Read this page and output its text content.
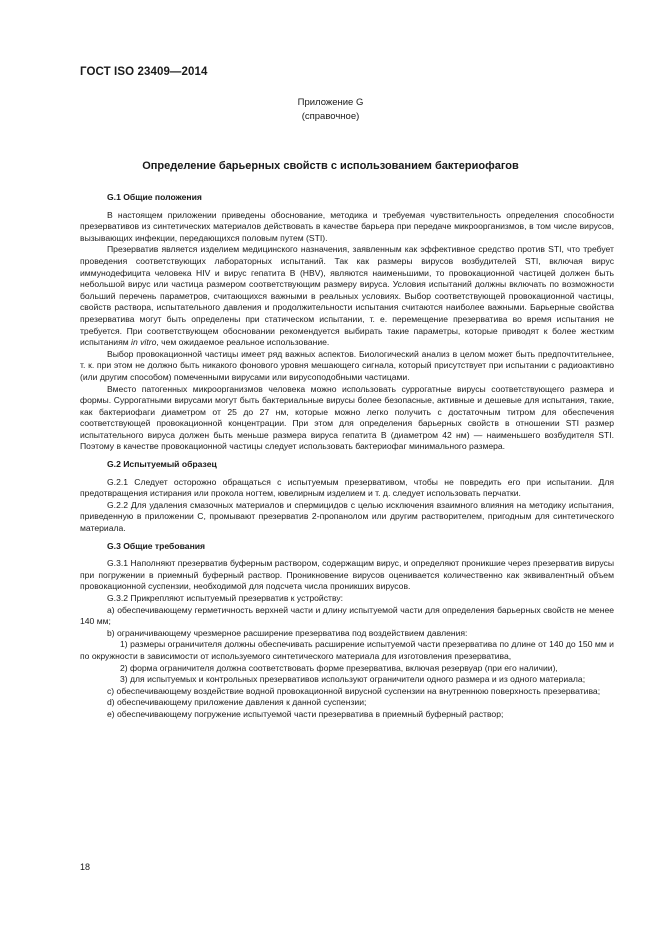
ГОСТ ISO 23409—2014
Приложение G
(справочное)
Определение барьерных свойств с использованием бактериофагов
G.1 Общие положения

В настоящем приложении приведены обоснование, методика и требуемая чувствительность определения способности презервативов из синтетических материалов действовать в качестве барьера при передаче микроорганизмов, в том числе вирусов, вызывающих инфекции, передающихся половым путем (STI).

Презерватив является изделием медицинского назначения, заявленным как эффективное средство против STI, что требует проведения соответствующих лабораторных испытаний. Так как размеры вирусов возбудителей STI, включая вирус иммунодефицита человека HIV и вирус гепатита B (HBV), являются наименьшими, то провокационной частицей должен быть небольшой вирус или частица размером соответствующим размеру вируса. Условия испытаний должны включать по возможности больший перечень параметров, считающихся важными в реальных условиях. Выбор соответствующей провокационной частицы, свойств раствора, испытательного давления и продолжительности испытания считаются наиболее важными. Барьерные свойства презерватива могут быть определены при статическом испытании, т. е. перемещение презерватива во время испытания не требуется. При соответствующем обосновании рекомендуется выбирать такие параметры, которые приводят к более жестким испытаниям in vitro, чем ожидаемое реальное использование.

Выбор провокационной частицы имеет ряд важных аспектов. Биологический анализ в целом может быть предпочтительнее, т. к. при этом не должно быть никакого фонового уровня мешающего сигнала, который присутствует при испытании с радиоактивно (или другим способом) помеченными вирусами или вирусоподобными частицами.

Вместо патогенных микроорганизмов человека можно использовать суррогатные вирусы соответствующего размера и формы. Суррогатными вирусами могут быть бактериальные вирусы более безопасные, активные и дешевые для испытания, такие, как бактериофаги диаметром от 25 до 27 нм, которые можно легко получить с достаточным титром для обеспечения соответствующей провокационной концентрации. При этом для определения барьерных свойств в отношении STI размер испытательного вируса должен быть меньше размера вируса гепатита B (диаметром 42 нм) — наименьшего возбудителя STI. Поэтому в качестве провокационной частицы следует использовать бактериофаг минимального размера.

G.2 Испытуемый образец

G.2.1 Следует осторожно обращаться с испытуемым презервативом, чтобы не повредить его при испытании. Для предотвращения истирания или прокола ногтем, ювелирным изделием и т. д. следует использовать перчатки.

G.2.2 Для удаления смазочных материалов и спермицидов с целью исключения взаимного влияния на методику испытания, приведенную в приложении C, промывают презерватив 2-пропанолом или другим растворителем, пригодным для синтетического материала.

G.3 Общие требования

G.3.1 Наполняют презерватив буферным раствором, содержащим вирус, и определяют проникшие через презерватив вирусы при погружении в приемный буферный раствор. Проникновение вирусов оценивается количественно как эквивалентный объем провокационной суспензии, необходимой для подсчета числа проникших вирусов.

G.3.2 Прикрепляют испытуемый презерватив к устройству:

a) обеспечивающему герметичность верхней части и длину испытуемой части для определения барьерных свойств не менее 140 мм;

b) ограничивающему чрезмерное расширение презерватива под воздействием давления:

1) размеры ограничителя должны обеспечивать расширение испытуемой части презерватива по длине от 140 до 150 мм и по окружности в зависимости от используемого синтетического материала для изготовления презерватива,

2) форма ограничителя должна соответствовать форме презерватива, включая резервуар (при его наличии),

3) для испытуемых и контрольных презервативов используют ограничители одного размера и из одного материала;

c) обеспечивающему воздействие водной провокационной вирусной суспензии на внутреннюю поверхность презерватива;

d) обеспечивающему приложение давления к данной суспензии;

e) обеспечивающему погружение испытуемой части презерватива в приемный буферный раствор;

18
